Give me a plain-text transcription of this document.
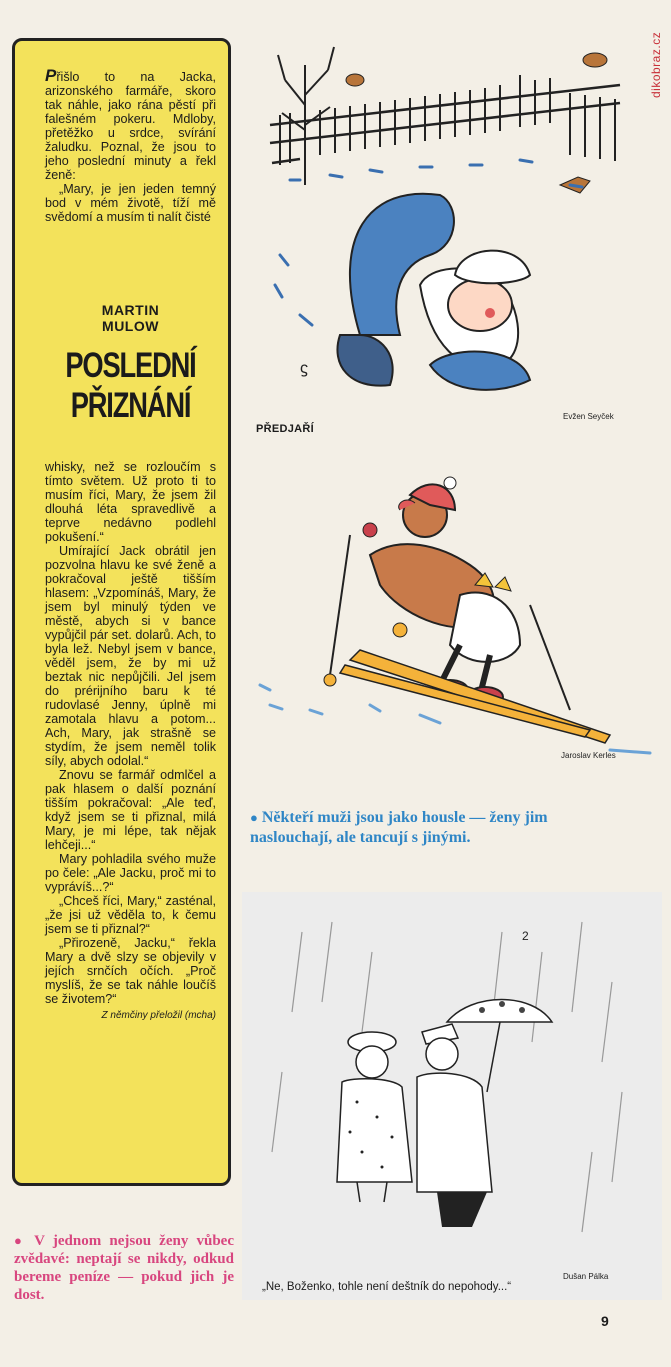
dikobraz.cz

Přišlo to na Jacka, arizonského farmáře, skoro tak náhle, jako rána pěstí při falešném pokeru. Mdloby, přetěžko u srdce, svírání žaludku. Poznal, že jsou to jeho poslední minuty a řekl ženě:

„Mary, je jen jeden temný bod v mém životě, tíží mě svědomí a musím ti nalít čisté

MARTIN
MULOW
POSLEDNÍ
PŘIZNÁNÍ

whisky, než se rozloučím s tímto světem. Už proto ti to musím říci, Mary, že jsem žil dlouhá léta spravedlivě a teprve nedávno podlehl pokušení.“

Umírající Jack obrátil jen pozvolna hlavu ke své ženě a pokračoval ještě tišším hlasem: „Vzpomínáš, Mary, že jsem byl minulý týden ve městě, abych si v bance vypůjčil pár set. dolarů. Ach, to byla lež. Nebyl jsem v bance, věděl jsem, že by mi už beztak nic nepůjčili. Jel jsem do prérijního baru k té rudovlasé Jenny, úplně mi zamotala hlavu a potom... Ach, Mary, jak strašně se stydím, že jsem neměl tolik síly, abych odolal.“

Znovu se farmář odmlčel a pak hlasem o další poznání tišším pokračoval: „Ale teď, když jsem se ti přiznal, milá Mary, je mi lépe, tak nějak lehčeji...“

Mary pohladila svého muže po čele: „Ale Jacku, proč mi to vyprávíš...?“

„Chceš říci, Mary,“ zasténal, „že jsi už věděla to, k čemu jsem se ti přiznal?“

„Přirozeně, Jacku,“ řekla Mary a dvě slzy se objevily v jejích srnčích očích. „Proč myslíš, že se tak náhle loučíš se životem?“

Z němčiny přeložil (mcha)
● V jednom nejsou ženy vůbec zvědavé: neptají se nikdy, odkud bereme peníze — pokud jich je dost.
ϛ
PŘEDJAŘÍ
Evžen Seyček
Jaroslav Kerles
● Někteří muži jsou jako housle — ženy jim naslouchají, ale tancují s jinými.
2
Dušan Pálka
„Ne, Boženko, tohle není deštník do nepohody...“
9
